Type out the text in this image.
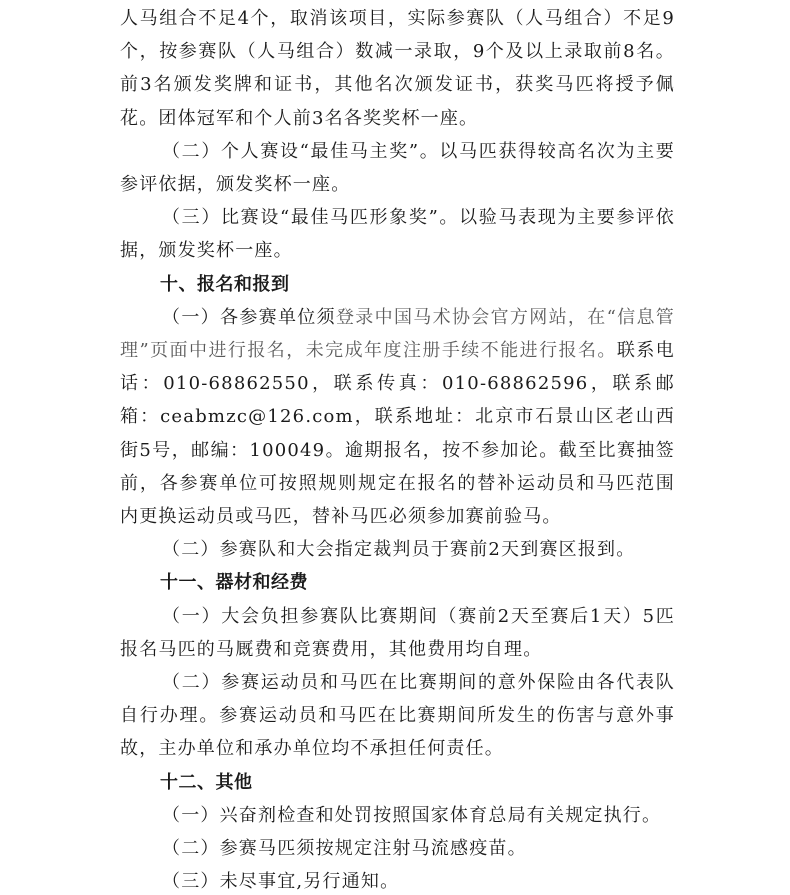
人马组合不足4个，取消该项目，实际参赛队（人马组合）不足9个，按参赛队（人马组合）数减一录取，9个及以上录取前8名。前3名颁发奖牌和证书，其他名次颁发证书，获奖马匹将授予佩花。团体冠军和个人前3名各奖奖杯一座。

（二）个人赛设“最佳马主奖”。以马匹获得较高名次为主要参评依据，颁发奖杯一座。

（三）比赛设“最佳马匹形象奖”。以验马表现为主要参评依据，颁发奖杯一座。

十、报名和报到

（一）各参赛单位须登录中国马术协会官方网站，在“信息管理”页面中进行报名，未完成年度注册手续不能进行报名。联系电话：010-68862550，联系传真：010-68862596，联系邮箱：ceabmzc@126.com，联系地址：北京市石景山区老山西街5号，邮编：100049。逾期报名，按不参加论。截至比赛抽签前，各参赛单位可按照规则规定在报名的替补运动员和马匹范围内更换运动员或马匹，替补马匹必须参加赛前验马。

（二）参赛队和大会指定裁判员于赛前2天到赛区报到。

十一、器材和经费

（一）大会负担参赛队比赛期间（赛前2天至赛后1天）5匹报名马匹的马厩费和竞赛费用，其他费用均自理。

（二）参赛运动员和马匹在比赛期间的意外保险由各代表队自行办理。参赛运动员和马匹在比赛期间所发生的伤害与意外事故，主办单位和承办单位均不承担任何责任。

十二、其他

（一）兴奋剂检查和处罚按照国家体育总局有关规定执行。

（二）参赛马匹须按规定注射马流感疫苗。

（三）未尽事宜,另行通知。
